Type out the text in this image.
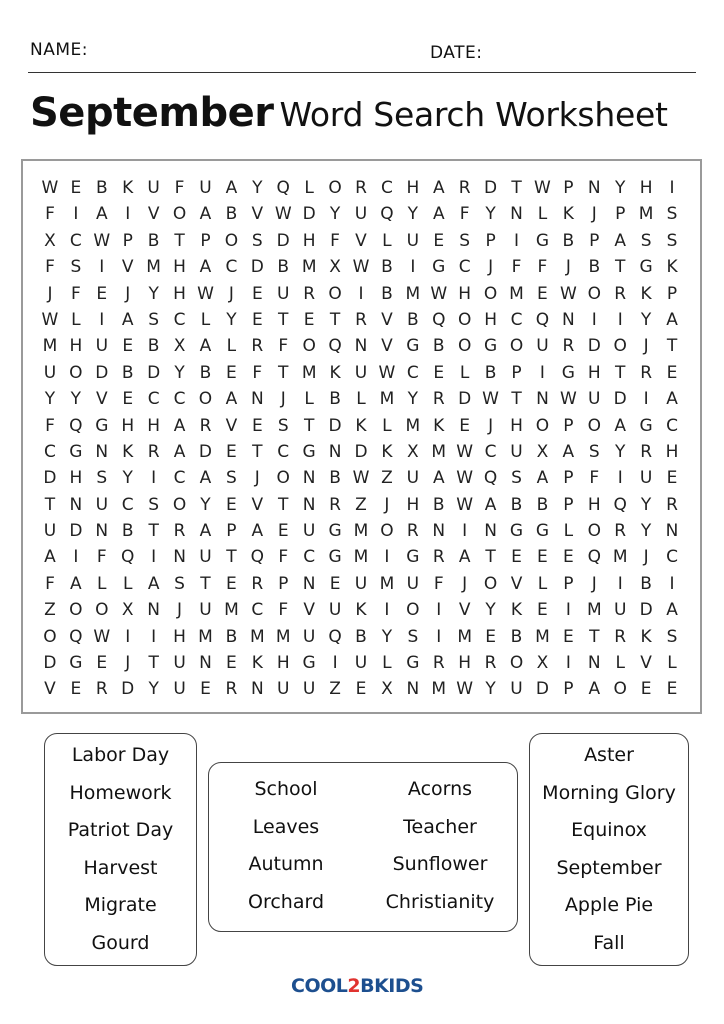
NAME:	DATE:
September Word Search Worksheet
W E B K U F U A Y Q L O R C H A R D T W P N Y H	I
F	I	A	I	V O A B V W D Y U Q Y A F Y N L K	J	P M S
X C W P B T P O S D H F V L U E S P	I G B P A S S
F S	I	V M H A C D B M X W B	I G C	J	F F	J	B T G K
J	F E	J	Y H W J	E U R O I	B M W H O M E W O R K P
W L	I	A S C L Y E T E T R V B Q O H C Q N	I	I	Y A
M H U E B X A L R F O Q N V G B O G O U R D O J	T
U O D B D Y B E F T M K U W C E L B P	I G H T R E
Y Y V E C C O A N	J	L B L M Y R D W T N W U D I	A
F Q G H H A R V E S T D K L M K E	J	H O P O A G C
C G N K R A D E T C G N D K X M W C U X A S Y R H
D H S Y	I	C A S	J O N B W Z U A W Q S A P F	I	U E
T N U C S O Y E V T N R Z	J	H B W A B B P H Q Y R
U D N B T R A P A E U G M O R N	I	N G G L O R Y N
A	I	F Q I	N U T Q F C G M I G R A T E E E Q M J	C
F A L L A S T E R P N E U M U F	J O V L P	J	I	B	I
Z O O X N	J	U M C F V U K	I O I	V Y K E	I M U D A
O Q W I	I	H M B M M U Q B Y S	I M E B M E T R K S
D G E	J	T U N E K H G I	U L G R H R O X	I	N L V L
V E R D Y U E R N U U Z E X N M W Y U D P A O E E
Labor Day
Homework
Patriot Day
Harvest
Migrate
Gourd
School
Leaves
Autumn
Orchard
Acorns
Teacher
Sunflower
Christianity
Aster
Morning Glory
Equinox
September
Apple Pie
Fall
COOL2BKIDS
